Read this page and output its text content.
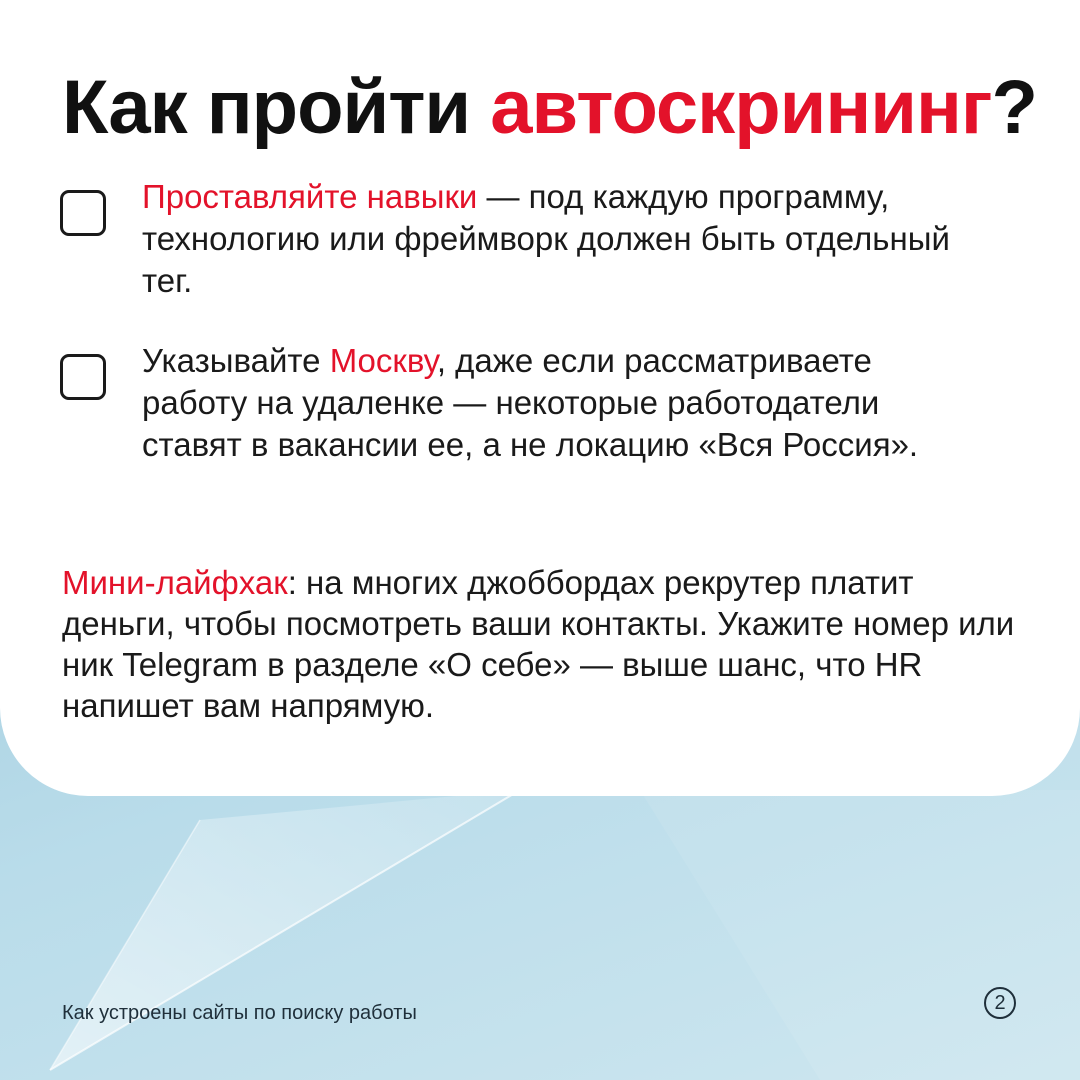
Как пройти автоскрининг?

Проставляйте навыки — под каждую программу, технологию или фреймворк должен быть отдельный тег.

Указывайте Москву, даже если рассматриваете работу на удаленке — некоторые работодатели ставят в вакансии ее, а не локацию «Вся Россия».

Мини-лайфхак: на многих джоббордах рекрутер платит деньги, чтобы посмотреть ваши контакты. Укажите номер или ник Telegram в разделе «О себе» — выше шанс, что HR напишет вам напрямую.

Как устроены сайты по поиску работы	2
